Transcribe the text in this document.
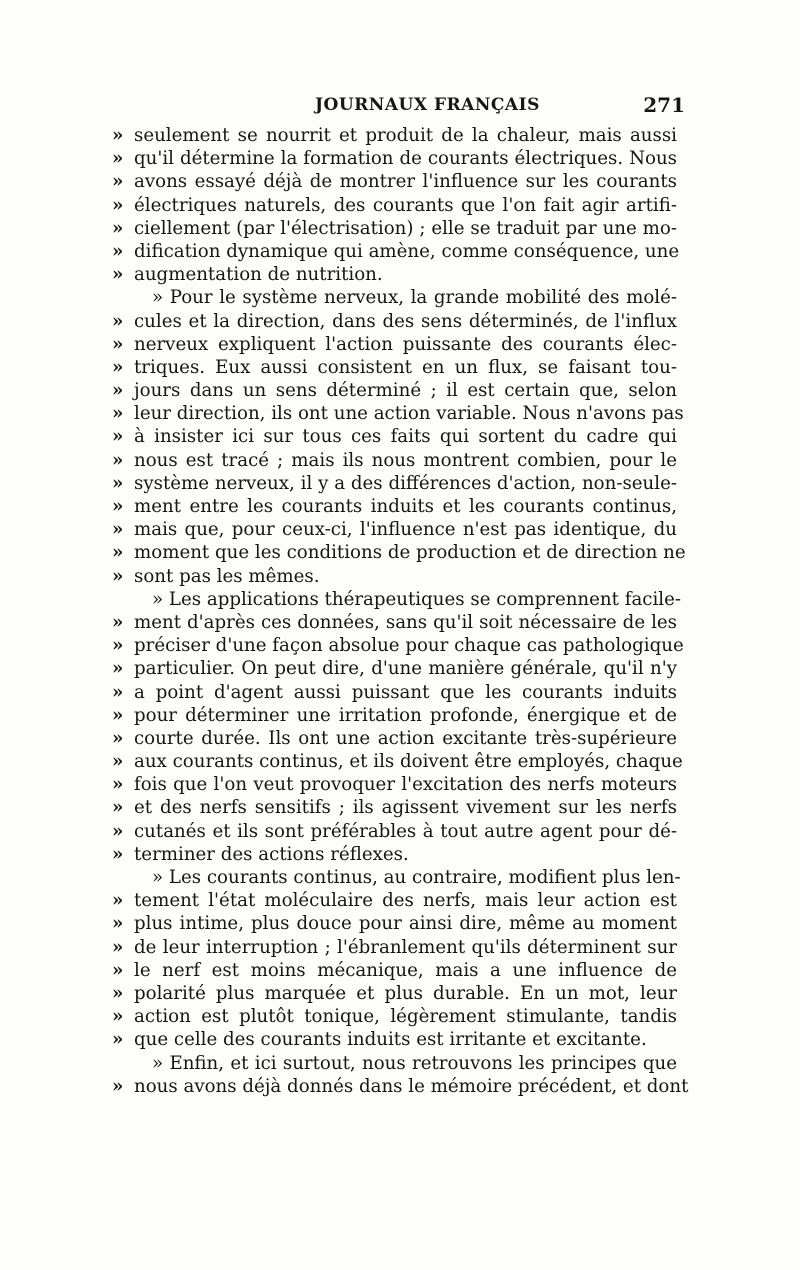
JOURNAUX FRANÇAIS	271
» seulement se nourrit et produit de la chaleur, mais aussi
» qu'il détermine la formation de courants électriques. Nous
» avons essayé déjà de montrer l'influence sur les courants
» électriques naturels, des courants que l'on fait agir artifi-
» ciellement (par l'électrisation) ; elle se traduit par une mo-
» dification dynamique qui amène, comme conséquence, une
» augmentation de nutrition.
» Pour le système nerveux, la grande mobilité des molé-
» cules et la direction, dans des sens déterminés, de l'influx
» nerveux expliquent l'action puissante des courants élec-
» triques. Eux aussi consistent en un flux, se faisant tou-
» jours dans un sens déterminé ; il est certain que, selon
» leur direction, ils ont une action variable. Nous n'avons pas
» à insister ici sur tous ces faits qui sortent du cadre qui
» nous est tracé ; mais ils nous montrent combien, pour le
» système nerveux, il y a des différences d'action, non-seule-
» ment entre les courants induits et les courants continus,
» mais que, pour ceux-ci, l'influence n'est pas identique, du
» moment que les conditions de production et de direction ne
» sont pas les mêmes.
» Les applications thérapeutiques se comprennent facile-
» ment d'après ces données, sans qu'il soit nécessaire de les
» préciser d'une façon absolue pour chaque cas pathologique
» particulier. On peut dire, d'une manière générale, qu'il n'y
» a point d'agent aussi puissant que les courants induits
» pour déterminer une irritation profonde, énergique et de
» courte durée. Ils ont une action excitante très-supérieure
» aux courants continus, et ils doivent être employés, chaque
» fois que l'on veut provoquer l'excitation des nerfs moteurs
» et des nerfs sensitifs ; ils agissent vivement sur les nerfs
» cutanés et ils sont préférables à tout autre agent pour dé-
» terminer des actions réflexes.
» Les courants continus, au contraire, modifient plus len-
» tement l'état moléculaire des nerfs, mais leur action est
» plus intime, plus douce pour ainsi dire, même au moment
» de leur interruption ; l'ébranlement qu'ils déterminent sur
» le nerf est moins mécanique, mais a une influence de
» polarité plus marquée et plus durable. En un mot, leur
» action est plutôt tonique, légèrement stimulante, tandis
» que celle des courants induits est irritante et excitante.
» Enfin, et ici surtout, nous retrouvons les principes que
» nous avons déjà donnés dans le mémoire précédent, et dont
